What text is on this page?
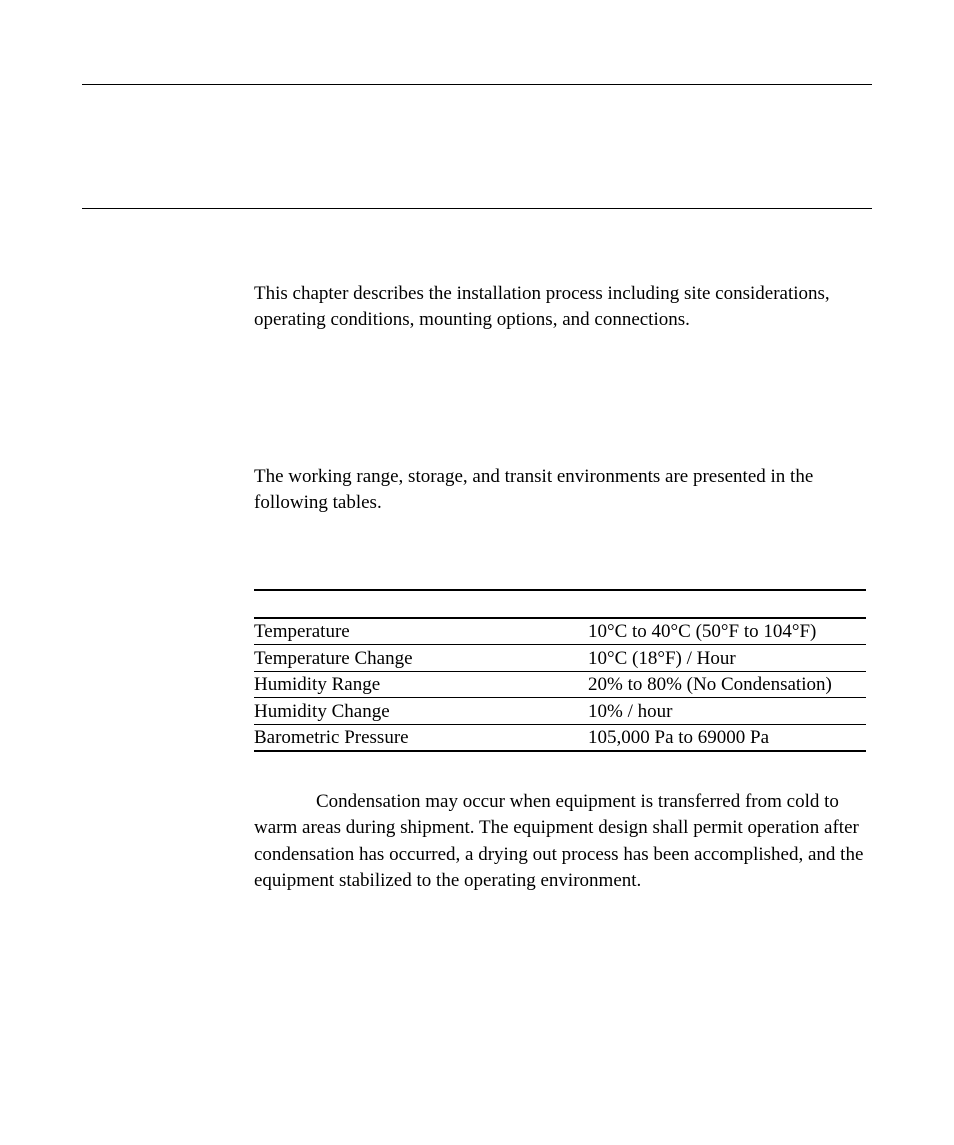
This chapter describes the installation process including site considerations, operating conditions, mounting options, and connections.

The working range, storage, and transit environments are presented in the following tables.

Temperature	10°C to 40°C (50°F to 104°F)
Temperature Change	10°C (18°F) / Hour
Humidity Range	20% to 80% (No Condensation)
Humidity Change	10% / hour
Barometric Pressure	105,000 Pa to 69000 Pa

Condensation may occur when equipment is transferred from cold to warm areas during shipment. The equipment design shall permit operation after condensation has occurred, a drying out process has been accomplished, and the equipment stabilized to the operating environment.
